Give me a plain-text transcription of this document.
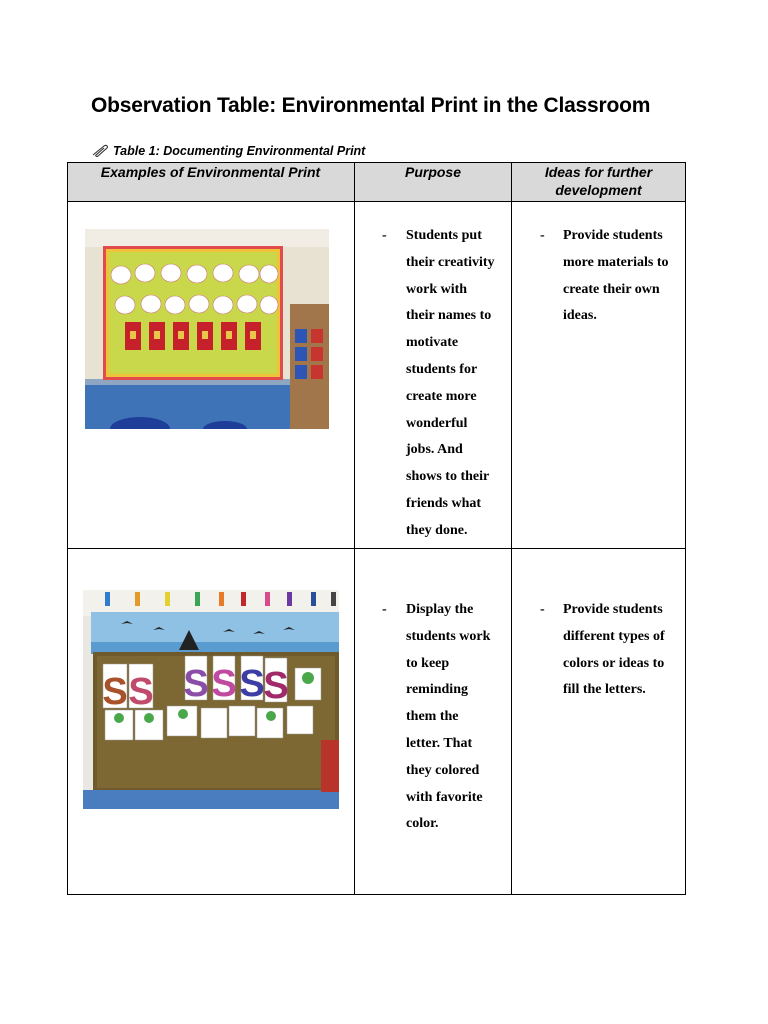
Observation Table: Environmental Print in the Classroom
Table 1: Documenting Environmental Print
Examples of Environmental Print	Purpose	Ideas for further
development
- Students put
their creativity
work with
their names to
motivate
students for
create more
wonderful
jobs. And
shows to their
friends what
they done.
- Provide students
more materials to
create their own
ideas.
S S S S S
S
- Display the
students work
to keep
reminding
them the
letter. That
they colored
with favorite
color.
- Provide students
different types of
colors or ideas to
fill the letters.
